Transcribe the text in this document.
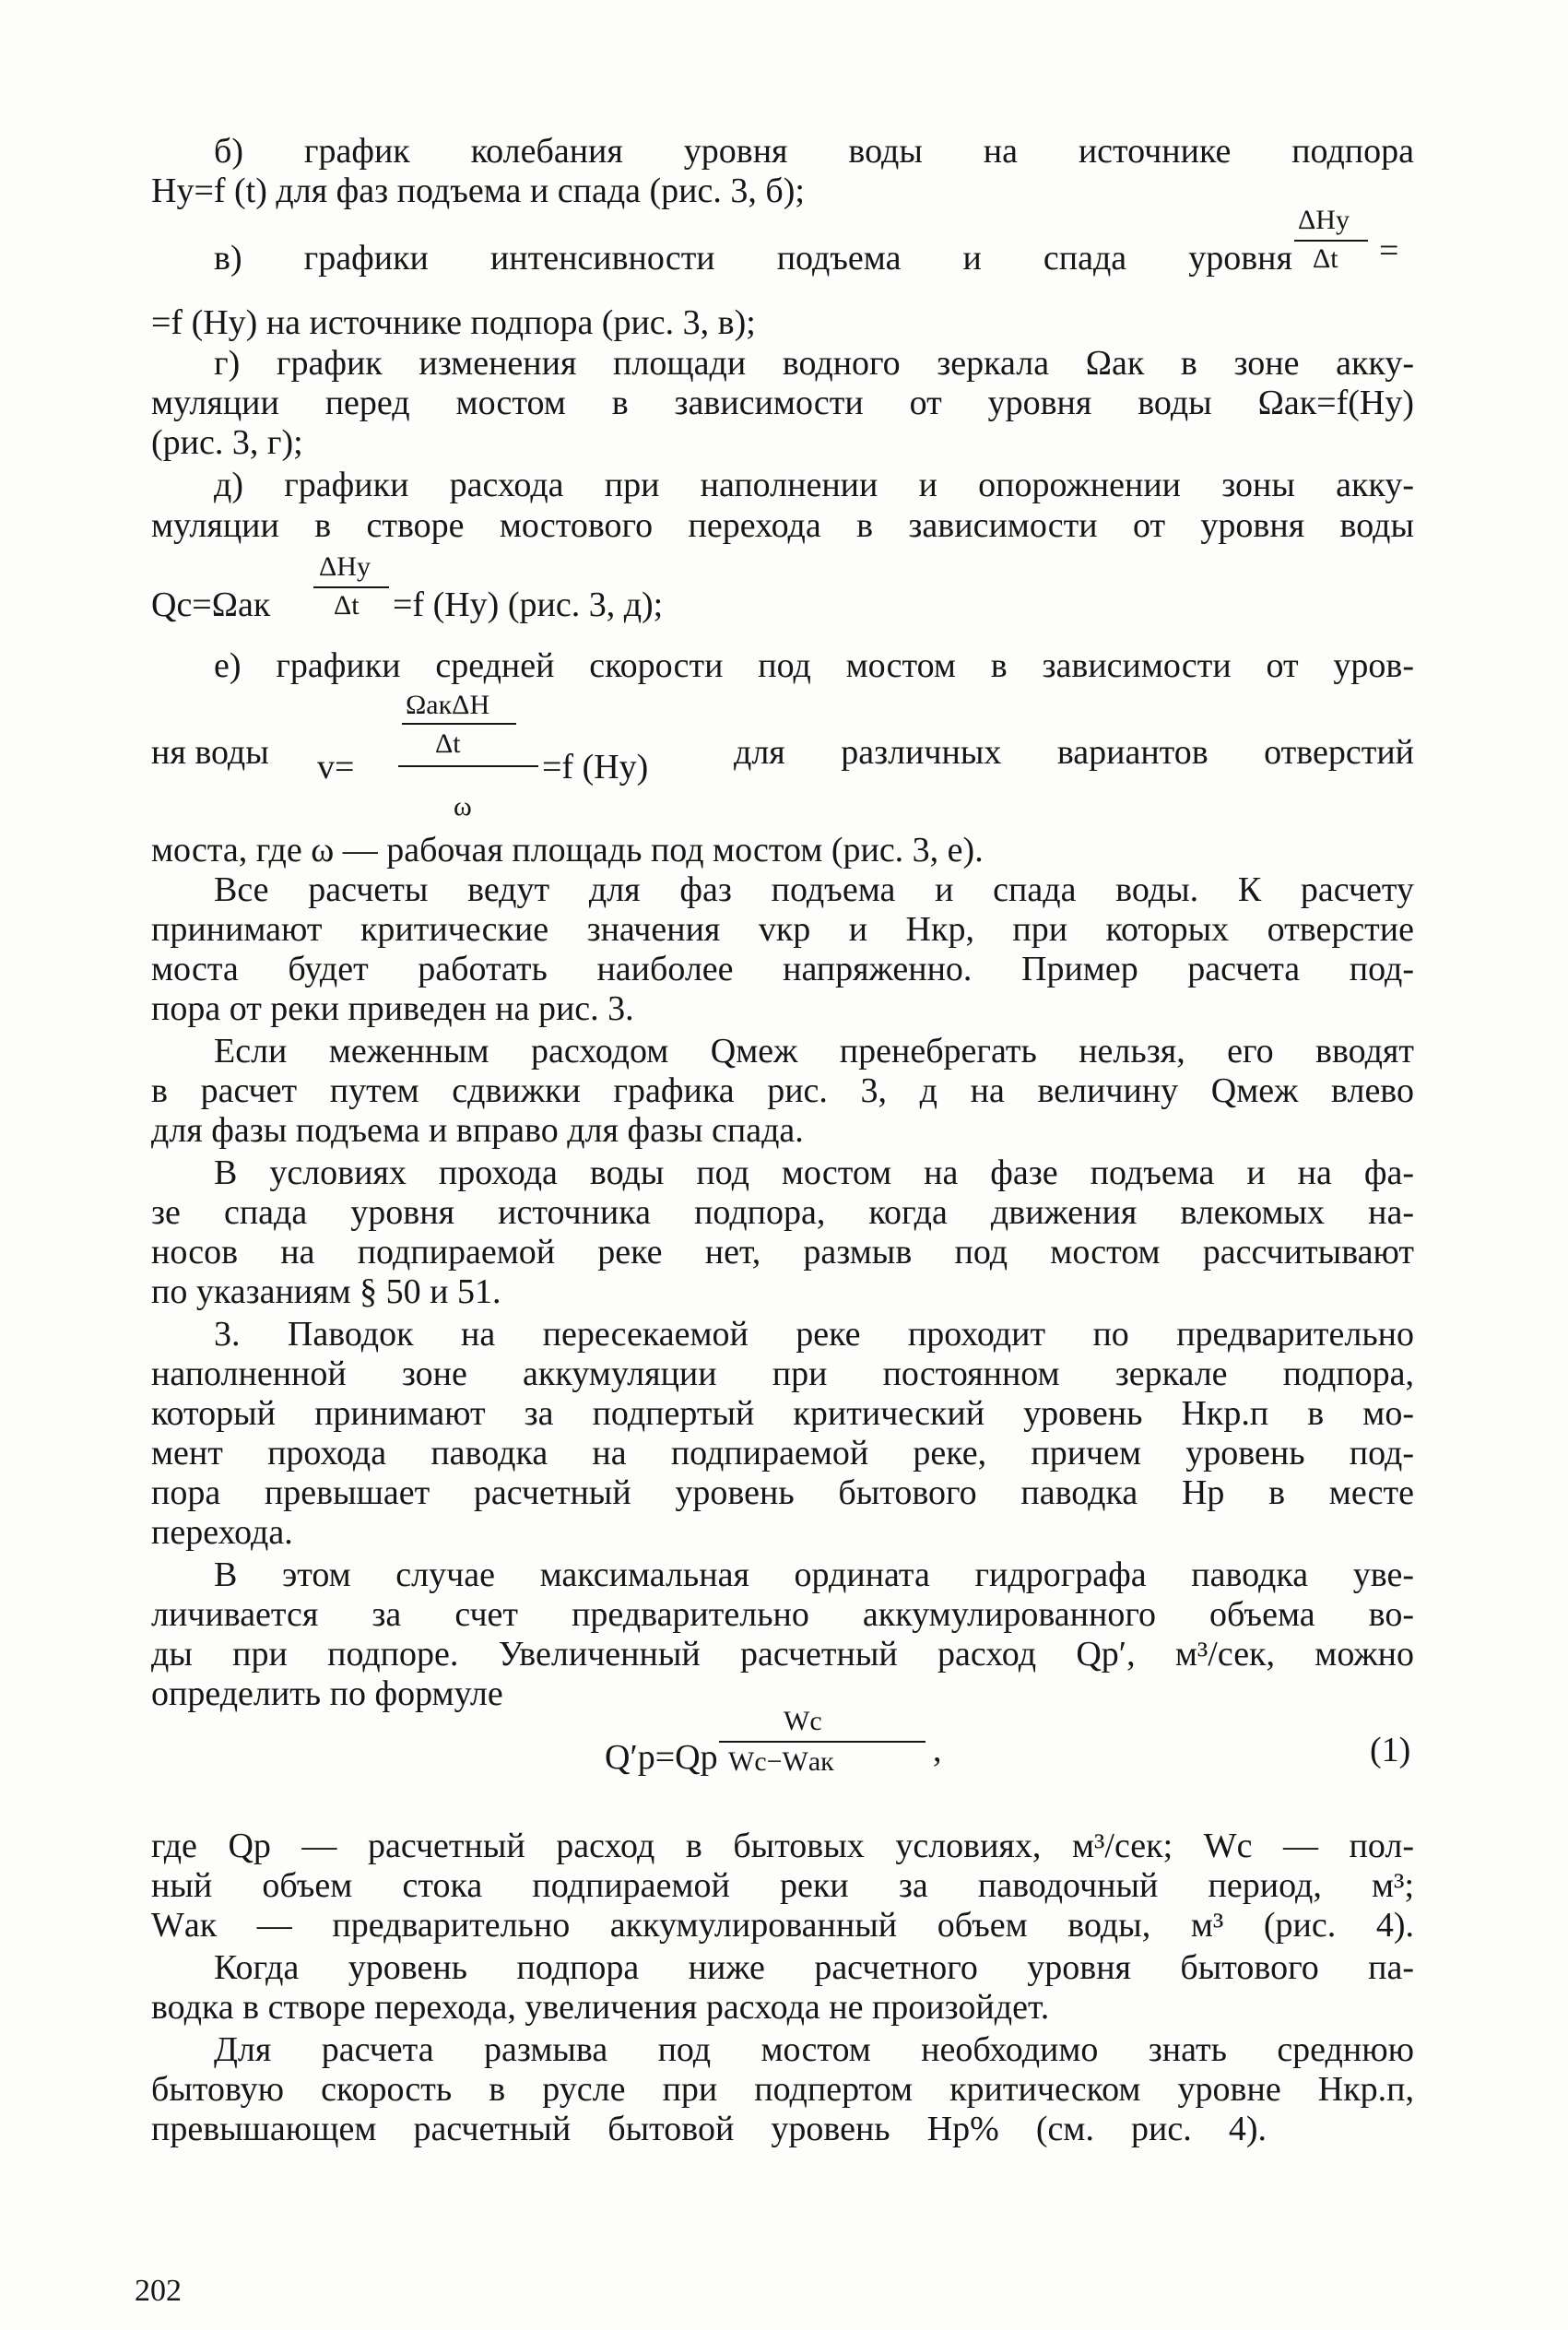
б) график колебания уровня воды на источнике подпора
Hу=f (t) для фаз подъема и спада (рис. 3, б);
в) графики интенсивности подъема и спада уровня
ΔHу
Δt =
=f (Hу) на источнике подпора (рис. 3, в);
г) график изменения площади водного зеркала Ωак в зоне акку-
муляции перед мостом в зависимости от уровня воды Ωак=f(Hу)
(рис. 3, г);
д) графики расхода при наполнении и опорожнении зоны акку-
муляции в створе мостового перехода в зависимости от уровня воды
Qс=Ωак
ΔHу
Δt =f (Hу) (рис. 3, д);
е) графики средней скорости под мостом в зависимости от уров-
ня воды v=
ΩакΔH
Δt
ω
=f (Hу) для различных вариантов отверстий
моста, где ω — рабочая площадь под мостом (рис. 3, е).
Все расчеты ведут для фаз подъема и спада воды. К расчету
принимают критические значения vкр и Hкр, при которых отверстие
моста будет работать наиболее напряженно. Пример расчета под-
пора от реки приведен на рис. 3.
Если меженным расходом Qмеж пренебрегать нельзя, его вводят
в расчет путем сдвижки графика рис. 3, д на величину Qмеж влево
для фазы подъема и вправо для фазы спада.
В условиях прохода воды под мостом на фазе подъема и на фа-
зе спада уровня источника подпора, когда движения влекомых на-
носов на подпираемой реке нет, размыв под мостом рассчитывают
по указаниям § 50 и 51.
3. Паводок на пересекаемой реке проходит по предварительно
наполненной зоне аккумуляции при постоянном зеркале подпора,
который принимают за подпертый критический уровень Hкр.п в мо-
мент прохода паводка на подпираемой реке, причем уровень под-
пора превышает расчетный уровень бытового паводка Hр в месте
перехода.
В этом случае максимальная ордината гидрографа паводка уве-
личивается за счет предварительно аккумулированного объема во-
ды при подпоре. Увеличенный расчетный расход Qр′, м³/сек, можно
определить по формуле
Q′р=Qр
Wс
Wс−Wак	,	(1)
где Qр — расчетный расход в бытовых условиях, м³/сек; Wс — пол-
ный объем стока подпираемой реки за паводочный период, м³;
Wак — предварительно аккумулированный объем воды, м³ (рис. 4).
Когда уровень подпора ниже расчетного уровня бытового па-
водка в створе перехода, увеличения расхода не произойдет.
Для расчета размыва под мостом необходимо знать среднюю
бытовую скорость в русле при подпертом критическом уровне Hкр.п,
превышающем расчетный бытовой уровень Hр% (см. рис. 4).
202
